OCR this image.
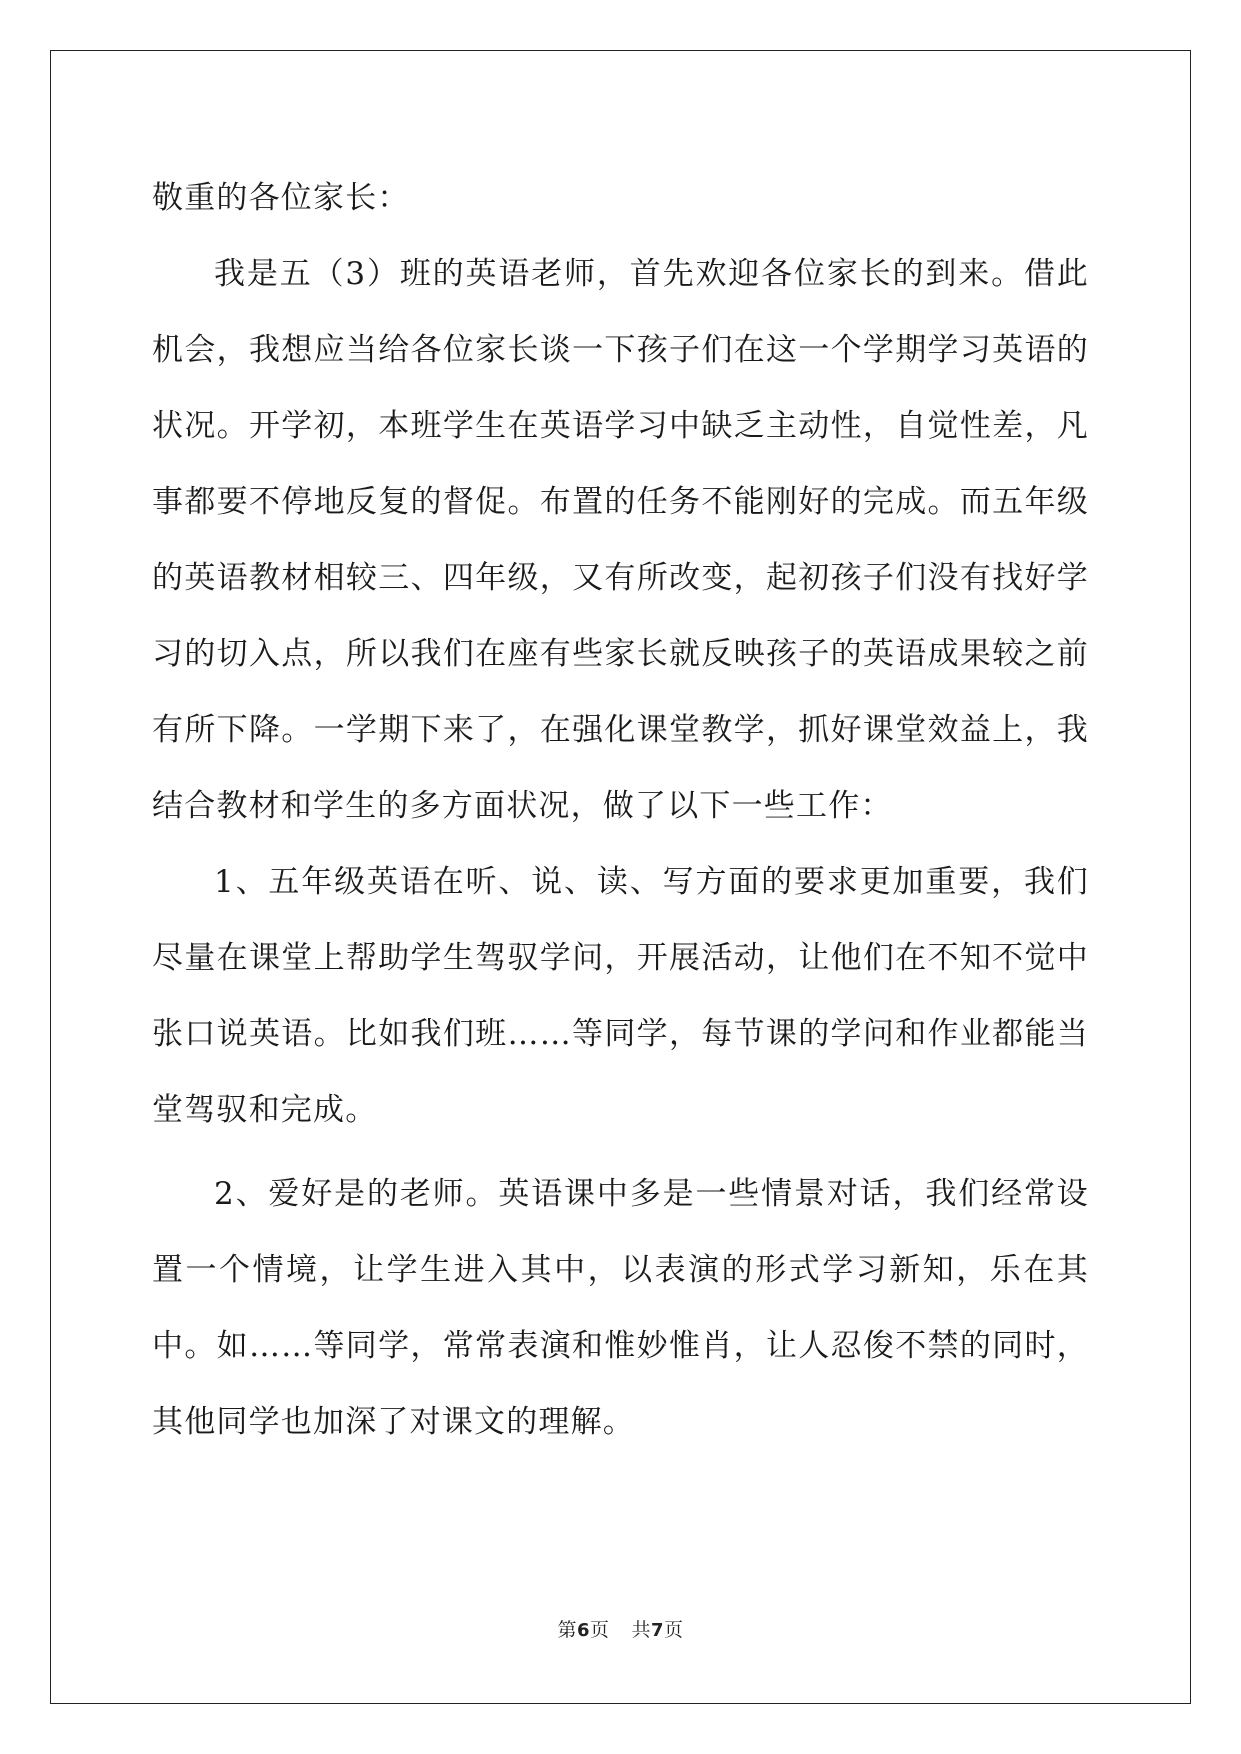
敬重的各位家长：

我是五（3）班的英语老师，首先欢迎各位家长的到来。借此机会，我想应当给各位家长谈一下孩子们在这一个学期学习英语的状况。开学初，本班学生在英语学习中缺乏主动性，自觉性差，凡事都要不停地反复的督促。布置的任务不能刚好的完成。而五年级的英语教材相较三、四年级，又有所改变，起初孩子们没有找好学习的切入点，所以我们在座有些家长就反映孩子的英语成果较之前有所下降。一学期下来了，在强化课堂教学，抓好课堂效益上，我结合教材和学生的多方面状况，做了以下一些工作：

1、五年级英语在听、说、读、写方面的要求更加重要，我们尽量在课堂上帮助学生驾驭学问，开展活动，让他们在不知不觉中张口说英语。比如我们班……等同学，每节课的学问和作业都能当堂驾驭和完成。

2、爱好是的老师。英语课中多是一些情景对话，我们经常设置一个情境，让学生进入其中，以表演的形式学习新知，乐在其中。如……等同学，常常表演和惟妙惟肖，让人忍俊不禁的同时，其他同学也加深了对课文的理解。

第6页 共7页
